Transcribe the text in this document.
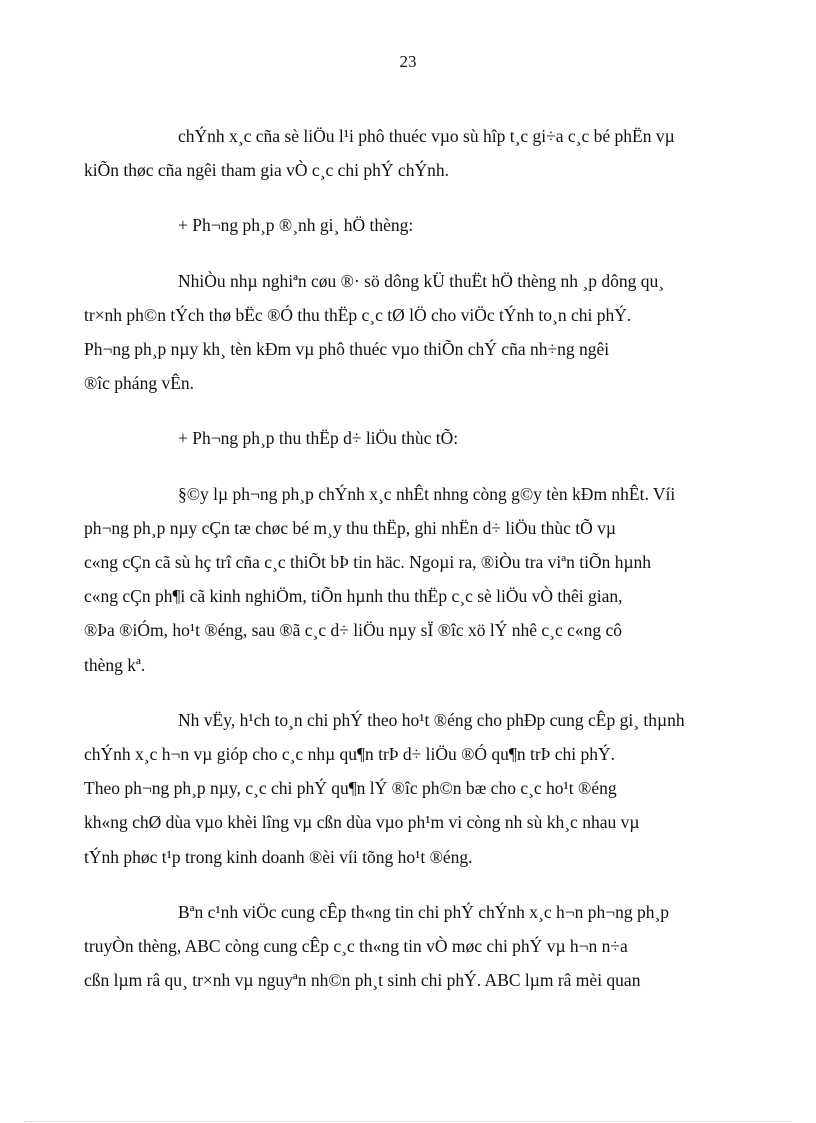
23

chÝnh x¸c cña sè liÖu l¹i phô thuéc vµo sù hîp t¸c gi÷a c¸c bé phËn vµ
kiÕn thøc cña ngêi tham gia vÒ c¸c chi phÝ chÝnh.

+ Ph¬ng ph¸p ®¸nh gi¸ hÖ thèng:

NhiÒu nhµ nghiªn cøu ®· sö dông kÜ thuËt hÖ thèng nh ¸p dông qu¸
tr×nh ph©n tÝch thø bËc ®Ó thu thËp c¸c tØ lÖ cho viÖc tÝnh to¸n chi phÝ.
Ph¬ng ph¸p nµy kh¸ tèn kÐm vµ phô thuéc vµo thiÕn chÝ cña nh÷ng ngêi
®îc pháng vÊn.

+ Ph¬ng ph¸p thu thËp d÷ liÖu thùc tÕ:

§©y lµ ph¬ng ph¸p chÝnh x¸c nhÊt nhng còng g©y tèn kÐm nhÊt. Víi
ph¬ng ph¸p nµy cÇn tæ chøc bé m¸y thu thËp, ghi nhËn d÷ liÖu thùc tÕ vµ
c«ng cÇn cã sù hç trî cña c¸c thiÕt bÞ tin häc. Ngoµi ra, ®iÒu tra viªn tiÕn hµnh
c«ng cÇn ph¶i cã kinh nghiÖm, tiÕn hµnh thu thËp c¸c sè liÖu vÒ thêi gian,
®Þa ®iÓm, ho¹t ®éng, sau ®ã c¸c d÷ liÖu nµy sÏ ®îc xö lÝ nhê c¸c c«ng cô
thèng kª.

Nh vËy, h¹ch to¸n chi phÝ theo ho¹t ®éng cho phÐp cung cÊp gi¸ thµnh
chÝnh x¸c h¬n vµ gióp cho c¸c nhµ qu¶n trÞ d÷ liÖu ®Ó qu¶n trÞ chi phÝ.
Theo ph¬ng ph¸p nµy, c¸c chi phÝ qu¶n lÝ ®îc ph©n bæ cho c¸c ho¹t ®éng
kh«ng chØ dùa vµo khèi lîng vµ cßn dùa vµo ph¹m vi còng nh sù kh¸c nhau vµ
tÝnh phøc t¹p trong kinh doanh ®èi víi tõng ho¹t ®éng.

Bªn c¹nh viÖc cung cÊp th«ng tin chi phÝ chÝnh x¸c h¬n ph¬ng ph¸p
truyÒn thèng, ABC còng cung cÊp c¸c th«ng tin vÒ møc chi phÝ vµ h¬n n÷a
cßn lµm râ qu¸ tr×nh vµ nguyªn nh©n ph¸t sinh chi phÝ. ABC lµm râ mèi quan
